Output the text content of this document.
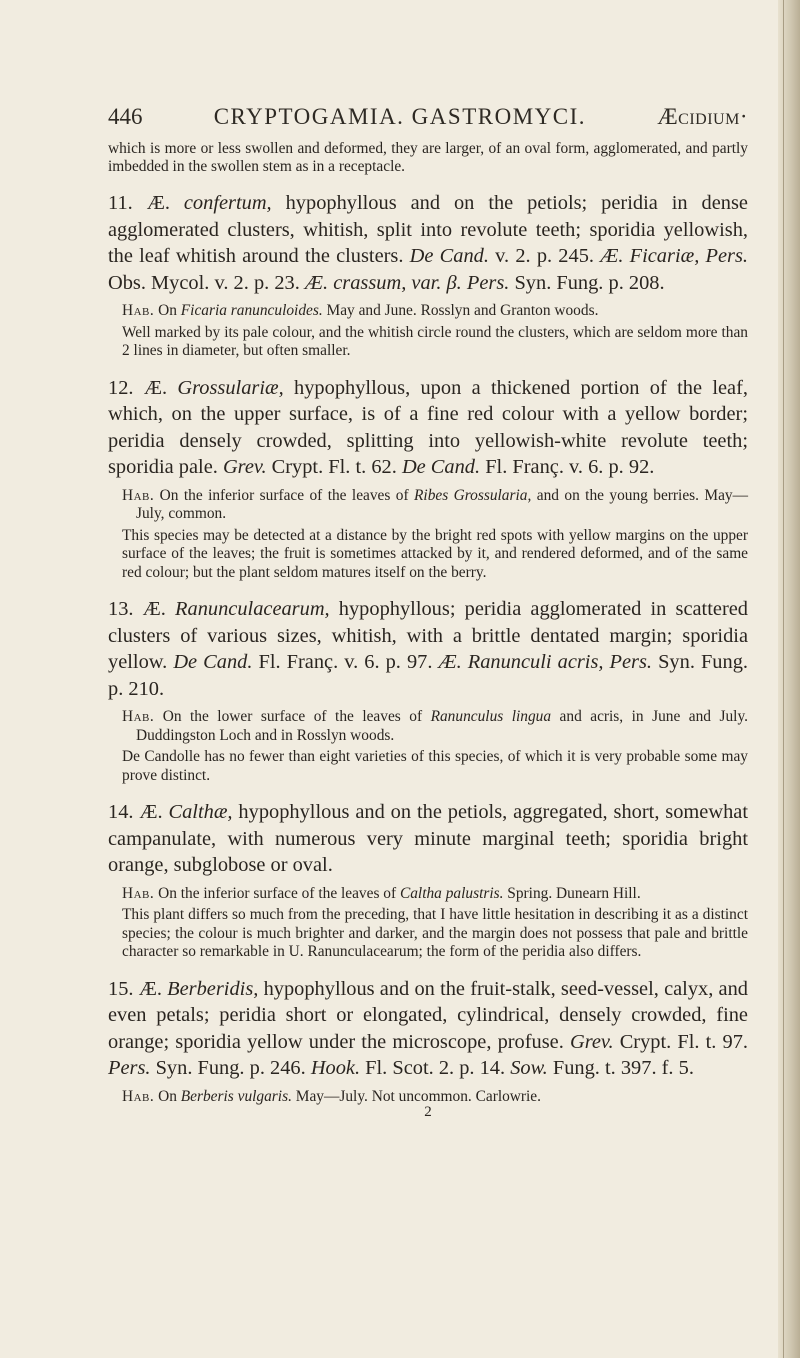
446	CRYPTOGAMIA. GASTROMYCI.	Æcidium·

which is more or less swollen and deformed, they are larger, of an oval form, agglomerated, and partly imbedded in the swollen stem as in a receptacle.

11. Æ. confertum, hypophyllous and on the petiols; peridia in dense agglomerated clusters, whitish, split into revolute teeth; sporidia yellowish, the leaf whitish around the clusters. De Cand. v. 2. p. 245. Æ. Ficariæ, Pers. Obs. Mycol. v. 2. p. 23. Æ. crassum, var. β. Pers. Syn. Fung. p. 208.

Hab. On Ficaria ranunculoides. May and June. Rosslyn and Granton woods.

Well marked by its pale colour, and the whitish circle round the clusters, which are seldom more than 2 lines in diameter, but often smaller.

12. Æ. Grossulariæ, hypophyllous, upon a thickened portion of the leaf, which, on the upper surface, is of a fine red colour with a yellow border; peridia densely crowded, splitting into yellowish-white revolute teeth; sporidia pale. Grev. Crypt. Fl. t. 62. De Cand. Fl. Franç. v. 6. p. 92.

Hab. On the inferior surface of the leaves of Ribes Grossularia, and on the young berries. May—July, common.

This species may be detected at a distance by the bright red spots with yellow margins on the upper surface of the leaves; the fruit is sometimes attacked by it, and rendered deformed, and of the same red colour; but the plant seldom matures itself on the berry.

13. Æ. Ranunculacearum, hypophyllous; peridia agglomerated in scattered clusters of various sizes, whitish, with a brittle dentated margin; sporidia yellow. De Cand. Fl. Franç. v. 6. p. 97. Æ. Ranunculi acris, Pers. Syn. Fung. p. 210.

Hab. On the lower surface of the leaves of Ranunculus lingua and acris, in June and July. Duddingston Loch and in Rosslyn woods.

De Candolle has no fewer than eight varieties of this species, of which it is very probable some may prove distinct.

14. Æ. Calthæ, hypophyllous and on the petiols, aggregated, short, somewhat campanulate, with numerous very minute marginal teeth; sporidia bright orange, subglobose or oval.

Hab. On the inferior surface of the leaves of Caltha palustris. Spring. Dunearn Hill.

This plant differs so much from the preceding, that I have little hesitation in describing it as a distinct species; the colour is much brighter and darker, and the margin does not possess that pale and brittle character so remarkable in U. Ranunculacearum; the form of the peridia also differs.

15. Æ. Berberidis, hypophyllous and on the fruit-stalk, seed-vessel, calyx, and even petals; peridia short or elongated, cylindrical, densely crowded, fine orange; sporidia yellow under the microscope, profuse. Grev. Crypt. Fl. t. 97. Pers. Syn. Fung. p. 246. Hook. Fl. Scot. 2. p. 14. Sow. Fung. t. 397. f. 5.

Hab. On Berberis vulgaris. May—July. Not uncommon. Carlowrie.

2
